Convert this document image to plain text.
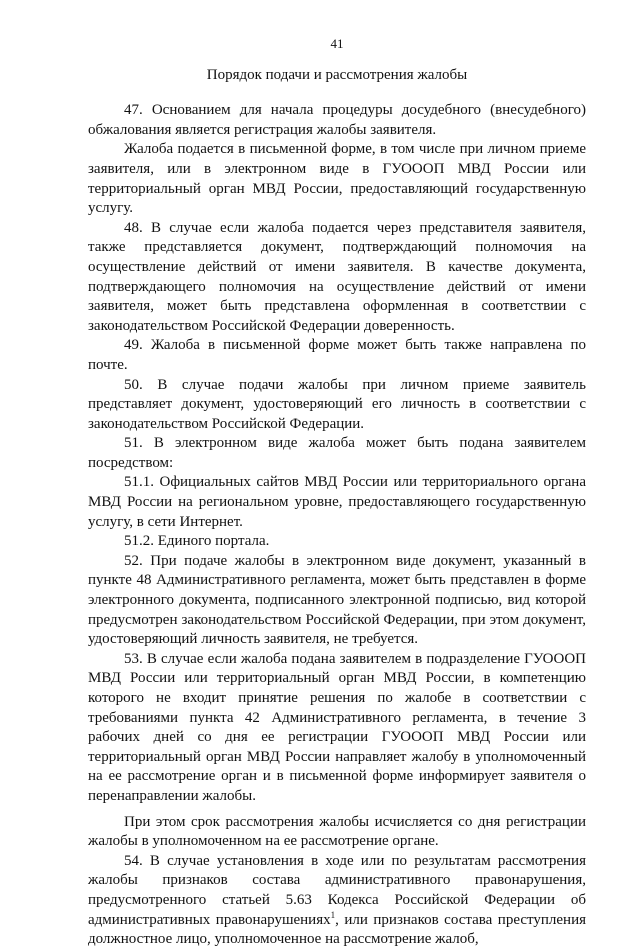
41
Порядок подачи и рассмотрения жалобы

47. Основанием для начала процедуры досудебного (внесудебного) обжалования является регистрация жалобы заявителя.

Жалоба подается в письменной форме, в том числе при личном приеме заявителя, или в электронном виде в ГУОООП МВД России или территориальный орган МВД России, предоставляющий государственную услугу.

48. В случае если жалоба подается через представителя заявителя, также представляется документ, подтверждающий полномочия на осуществление действий от имени заявителя. В качестве документа, подтверждающего полномочия на осуществление действий от имени заявителя, может быть представлена оформленная в соответствии с законодательством Российской Федерации доверенность.

49. Жалоба в письменной форме может быть также направлена по почте.

50. В случае подачи жалобы при личном приеме заявитель представляет документ, удостоверяющий его личность в соответствии с законодательством Российской Федерации.

51. В электронном виде жалоба может быть подана заявителем посредством:

51.1. Официальных сайтов МВД России или территориального органа МВД России на региональном уровне, предоставляющего государственную услугу, в сети Интернет.

51.2. Единого портала.

52. При подаче жалобы в электронном виде документ, указанный в пункте 48 Административного регламента, может быть представлен в форме электронного документа, подписанного электронной подписью, вид которой предусмотрен законодательством Российской Федерации, при этом документ, удостоверяющий личность заявителя, не требуется.

53. В случае если жалоба подана заявителем в подразделение ГУОООП МВД России или территориальный орган МВД России, в компетенцию которого не входит принятие решения по жалобе в соответствии с требованиями пункта 42 Административного регламента, в течение 3 рабочих дней со дня ее регистрации ГУОООП МВД России или территориальный орган МВД России направляет жалобу в уполномоченный на ее рассмотрение орган и в письменной форме информирует заявителя о перенаправлении жалобы.

При этом срок рассмотрения жалобы исчисляется со дня регистрации жалобы в уполномоченном на ее рассмотрение органе.

54. В случае установления в ходе или по результатам рассмотрения жалобы признаков состава административного правонарушения, предусмотренного статьей 5.63 Кодекса Российской Федерации об административных правонарушениях$^1$, или признаков состава преступления должностное лицо, уполномоченное на рассмотрение жалоб,
